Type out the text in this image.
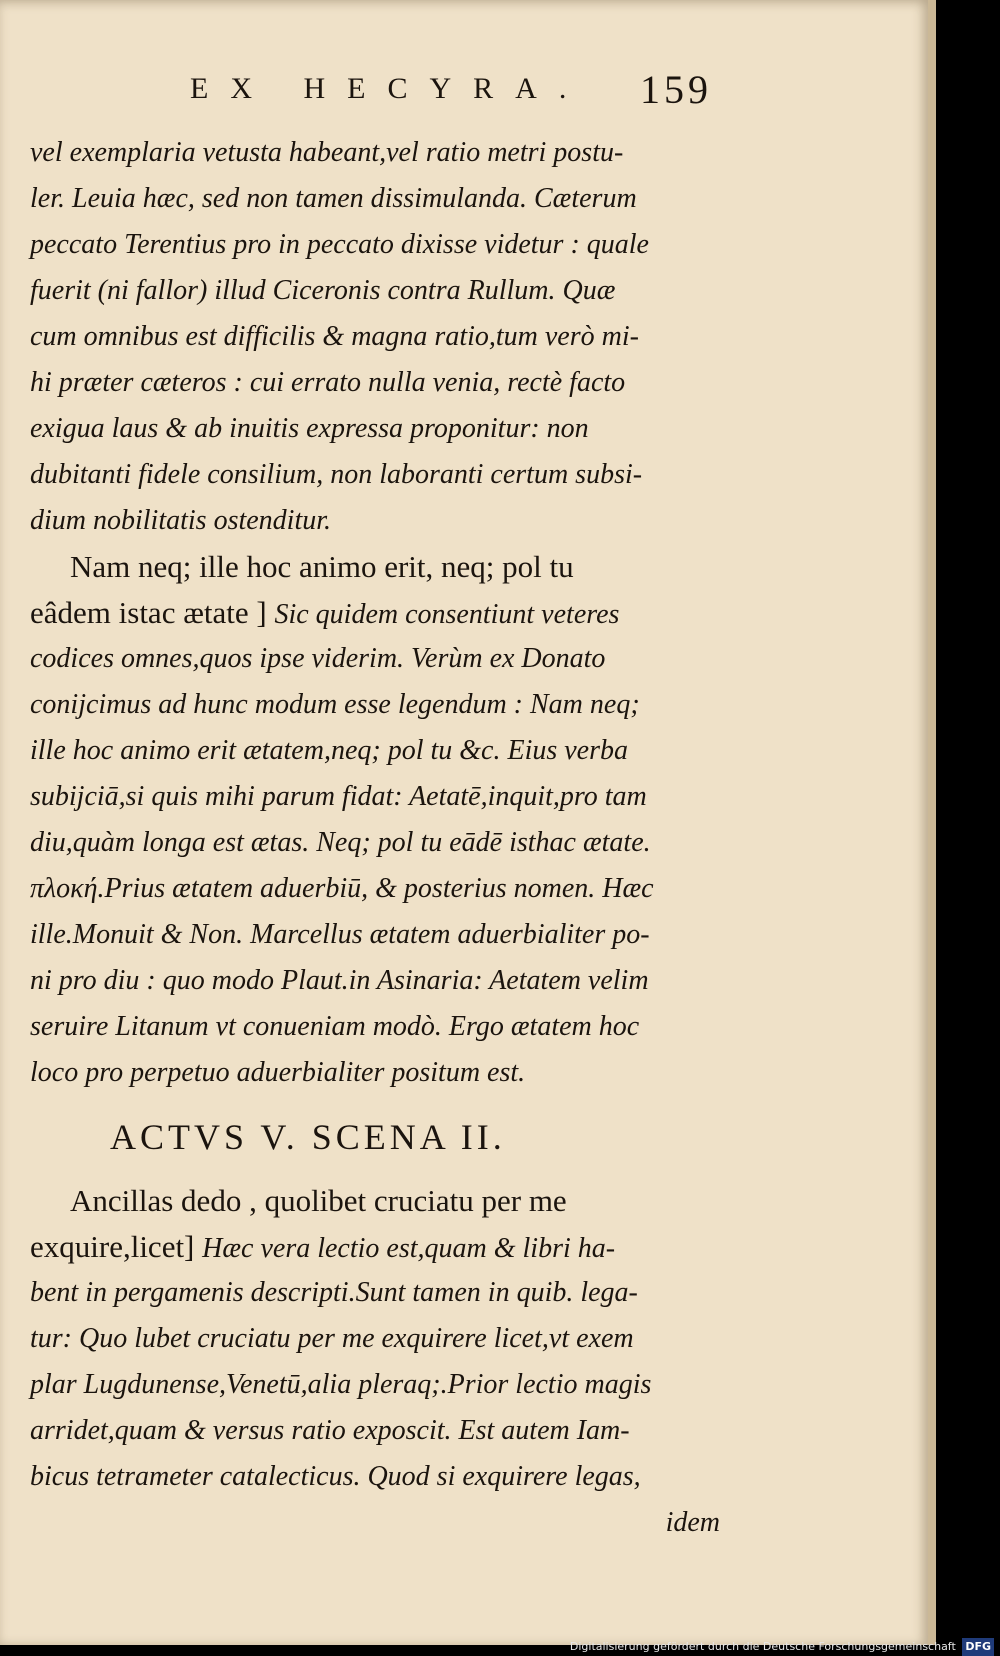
EX HECYRA.	159
vel exemplaria vetusta habeant,vel ratio metri postu-
ler. Leuia hæc, sed non tamen dissimulanda. Cæterum
peccato Terentius pro in peccato dixisse videtur : quale
fuerit (ni fallor) illud Ciceronis contra Rullum. Quæ
cum omnibus est difficilis & magna ratio,tum verò mi-
hi præter cæteros : cui errato nulla venia, rectè facto
exigua laus & ab inuitis expressa proponitur: non
dubitanti fidele consilium, non laboranti certum subsi-
dium nobilitatis ostenditur.
Nam neq; ille hoc animo erit, neq; pol tu
eâdem istac ætate ] Sic quidem consentiunt veteres
codices omnes,quos ipse viderim. Verùm ex Donato
conijcimus ad hunc modum esse legendum : Nam neq;
ille hoc animo erit ætatem,neq; pol tu &c. Eius verba
subijciā,si quis mihi parum fidat: Aetatē,inquit,pro tam
diu,quàm longa est ætas. Neq; pol tu eādē isthac ætate.
πλοκή.Prius ætatem aduerbiū, & posterius nomen. Hæc
ille.Monuit & Non. Marcellus ætatem aduerbialiter po-
ni pro diu : quo modo Plaut.in Asinaria: Aetatem velim
seruire Litanum vt conueniam modò. Ergo ætatem hoc
loco pro perpetuo aduerbialiter positum est.
ACTVS V. SCENA II.
Ancillas dedo , quolibet cruciatu per me
exquire,licet] Hæc vera lectio est,quam & libri ha-
bent in pergamenis descripti.Sunt tamen in quib. lega-
tur: Quo lubet cruciatu per me exquirere licet,vt exem
plar Lugdunense,Venetū,alia pleraq;.Prior lectio magis
arridet,quam & versus ratio exposcit. Est autem Iam-
bicus tetrameter catalecticus. Quod si exquirere legas,
idem
Digitalisierung gefördert durch die Deutsche Forschungsgemeinschaft DFG
